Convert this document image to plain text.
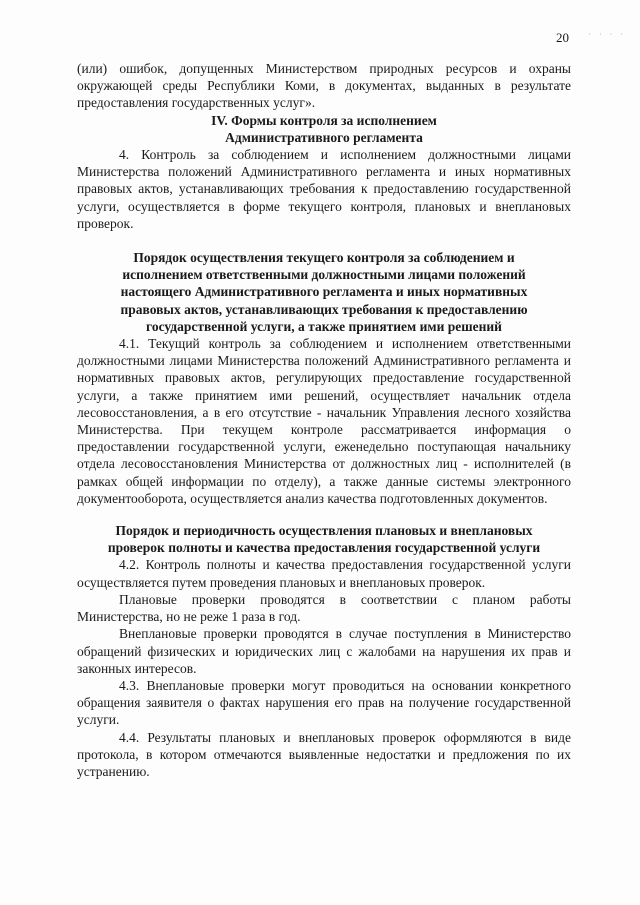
· · · ·
20

(или) ошибок, допущенных Министерством природных ресурсов и охраны окружающей среды Республики Коми, в документах, выданных в результате предоставления государственных услуг».

IV. Формы контроля за исполнением

Административного регламента

4. Контроль за соблюдением и исполнением должностными лицами Министерства положений Административного регламента и иных нормативных правовых актов, устанавливающих требования к предоставлению государственной услуги, осуществляется в форме текущего контроля, плановых и внеплановых проверок.

Порядок осуществления текущего контроля за соблюдением и

исполнением ответственными должностными лицами положений

настоящего Административного регламента и иных нормативных

правовых актов, устанавливающих требования к предоставлению

государственной услуги, а также принятием ими решений

4.1. Текущий контроль за соблюдением и исполнением ответственными должностными лицами Министерства положений Административного регламента и нормативных правовых актов, регулирующих предоставление государственной услуги, а также принятием ими решений, осуществляет начальник отдела лесовосстановления, а в его отсутствие - начальник Управления лесного хозяйства Министерства. При текущем контроле рассматривается информация о предоставлении государственной услуги, еженедельно поступающая начальнику отдела лесовосстановления Министерства от должностных лиц - исполнителей (в рамках общей информации по отделу), а также данные системы электронного документооборота, осуществляется анализ качества подготовленных документов.

Порядок и периодичность осуществления плановых и внеплановых

проверок полноты и качества предоставления государственной услуги

4.2. Контроль полноты и качества предоставления государственной услуги осуществляется путем проведения плановых и внеплановых проверок.

Плановые проверки проводятся в соответствии с планом работы Министерства, но не реже 1 раза в год.

Внеплановые проверки проводятся в случае поступления в Министерство обращений физических и юридических лиц с жалобами на нарушения их прав и законных интересов.

4.3. Внеплановые проверки могут проводиться на основании конкретного обращения заявителя о фактах нарушения его прав на получение государственной услуги.

4.4. Результаты плановых и внеплановых проверок оформляются в виде протокола, в котором отмечаются выявленные недостатки и предложения по их устранению.
